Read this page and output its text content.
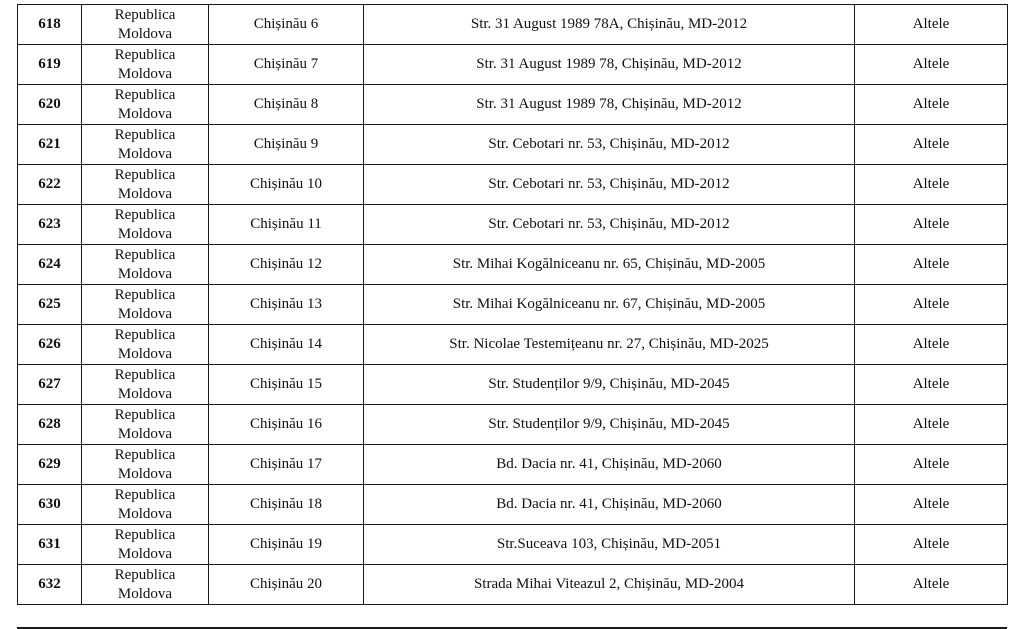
618	Republica
Moldova	Chișinău 6	Str. 31 August 1989 78A, Chișinău, MD-2012	Altele
619	Republica
Moldova	Chișinău 7	Str. 31 August 1989 78, Chișinău, MD-2012	Altele
620	Republica
Moldova	Chișinău 8	Str. 31 August 1989 78, Chișinău, MD-2012	Altele
621	Republica
Moldova	Chișinău 9	Str. Cebotari nr. 53, Chișinău, MD-2012	Altele
622	Republica
Moldova	Chișinău 10	Str. Cebotari nr. 53, Chișinău, MD-2012	Altele
623	Republica
Moldova	Chișinău 11	Str. Cebotari nr. 53, Chișinău, MD-2012	Altele
624	Republica
Moldova	Chișinău 12	Str. Mihai Kogălniceanu nr. 65, Chișinău, MD-2005	Altele
625	Republica
Moldova	Chișinău 13	Str. Mihai Kogălniceanu nr. 67, Chișinău, MD-2005	Altele
626	Republica
Moldova	Chișinău 14	Str. Nicolae Testemițeanu nr. 27, Chișinău, MD-2025	Altele
627	Republica
Moldova	Chișinău 15	Str. Studenților 9/9, Chișinău, MD-2045	Altele
628	Republica
Moldova	Chișinău 16	Str. Studenților 9/9, Chișinău, MD-2045	Altele
629	Republica
Moldova	Chișinău 17	Bd. Dacia nr. 41, Chișinău, MD-2060	Altele
630	Republica
Moldova	Chișinău 18	Bd. Dacia nr. 41, Chișinău, MD-2060	Altele
631	Republica
Moldova	Chișinău 19	Str.Suceava 103, Chișinău, MD-2051	Altele
632	Republica
Moldova	Chișinău 20	Strada Mihai Viteazul 2, Chișinău, MD-2004	Altele
